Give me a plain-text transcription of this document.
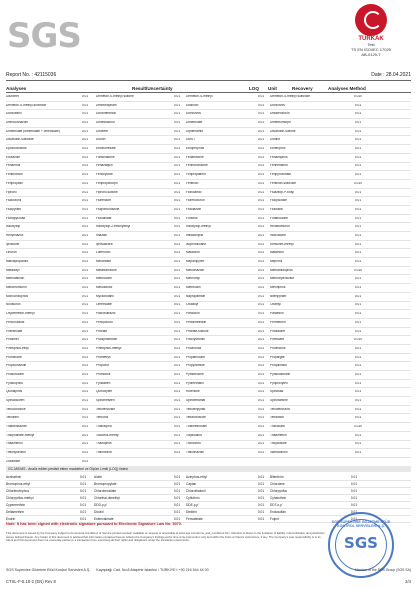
SGS	TÜRKAK
Test
TS EN ISO/IEC 17025
AB-0129-T
Report No. : 42115036	Date : 28.04.2021
Analyses	Result/Uncertainty	LOQ Unit	Recovery	Analyses Method
Dazomet	0.01	Demeton-S-methyl sulfone	0.01	Demeton-S-methyl	0.01	Demeton-S-methyl sulfoxide	0.010
Demeton-S-methyl-sulfoxide	0.01	Desmedipham	0.01	Diazinon	0.01	Dichlorvos	0.01
Dichlobenil	0.01	Dichlofenthion	0.01	Dichlorvos	0.01	Diflubenzuron	0.01
Difenoconazole	0.01	Dimethachlor	0.01	Dimethoate	0.01	Dimethomorph	0.01
Dimethoate (dimethoate + omethoate)	0.01	Dinoterb	0.01	Diphenamid	0.01	Disulfoton-sulfone	0.01
Disulfoton-sulfoxide	0.01	Diuron	0.01	DMST	0.01	Dodine	0.01
Epoxiconazole	0.01	Ethofumesate	0.01	Ethoprophos	0.01	Etofenprox	0.01
Etoxazole	0.01	Famoxadone	0.01	Fenamidone	0.01	Fenamiphos	0.01
Fenarimol	0.01	Fenazaquin	0.01	Fenbuconazole	0.01	Fenhexamid	0.01
Fenitrothion	0.01	Fenoxycarb	0.01	Fenpropathrin	0.01	Fenpyroximate	0.01
Fenpropidin	0.01	Fenpropimorph	0.01	Fenthion	0.01	Fenthion-sulfoxide	0.010
Fipronil	0.01	Fipronil-sulfone	0.01	Flonicamid	0.01	Fluazifop-P-butyl	0.01
Fludioxonil	0.01	Flufenacet	0.01	Flufenoxuron	0.01	Fluopicolide	0.01
Fluopyram	0.01	Fluquinconazole	0.01	Flusilazole	0.01	Flutolanil	0.01
Fluxapyroxad	0.01	Fluvalinate	0.01	Fonofos	0.01	Furathiocarb	0.01
Haloxyfop	0.01	Haloxyfop-2-ethoxyethyl	0.01	Haloxyfop-methyl	0.01	Hexaflumuron	0.01
Hexythiazox	0.01	Imazalil	0.01	Imidacloprid	0.01	Indoxacarb	0.01
Iprodione	0.01	Iprovalicarb	0.01	Isoprothiolane	0.01	Kresoxim-methyl	0.01
Linuron	0.01	Lufenuron	0.01	Malaoxon	0.01	Malathion	0.01
Mandipropamid	0.01	Mecarbam	0.01	Mepanipyrim	0.01	Mepronil	0.01
Metalaxyl	0.01	Metaflumizone	0.01	Metconazole	0.01	Methamidophos	0.010
Methidathion	0.01	Methiocarb	0.01	Methomyl	0.01	Methoxyfenozide	0.01
Metobromuron	0.01	Metolachlor	0.01	Metribuzin	0.01	Mevinphos	0.01
Monocrotophos	0.01	Myclobutanil	0.01	Napropamide	0.01	Nitenpyram	0.01
Novaluron	0.01	Omethoate	0.01	Oxadixyl	0.01	Oxamyl	0.01
Oxydemeton-methyl	0.01	Paclobutrazol	0.01	Paraoxon	0.01	Parathion	0.01
Penconazole	0.01	Pencycuron	0.01	Pendimethalin	0.01	Permethrin	0.01
Phenthoate	0.01	Phorate	0.01	Phorate-sulfone	0.01	Phosalone	0.01
Phosmet	0.01	Phosphamidon	0.01	Picoxystrobin	0.01	Pirimicarb	0.010
Pirimiphos-ethyl	0.01	Pirimiphos-methyl	0.01	Prochloraz	0.01	Profenofos	0.01
Promecarb	0.01	Prometryn	0.01	Propamocarb	0.01	Propargite	0.01
Propiconazole	0.01	Propoxur	0.01	Propyzamide	0.01	Proquinazid	0.01
Prosulfocarb	0.01	Prothiofos	0.01	Pymetrozine	0.01	Pyraclostrobin	0.01
Pyrazophos	0.01	Pyridaben	0.01	Pyrimethanil	0.01	Pyriproxyfen	0.01
Quinalphos	0.01	Quinoxyfen	0.01	Rotenone	0.01	Spinosad	0.01
Spirodiclofen	0.01	Spiromesifen	0.01	Spirotetramat	0.01	Spiroxamine	0.01
Tebuconazole	0.01	Tebufenozide	0.01	Tebufenpyrad	0.01	Teflubenzuron	0.01
Tefluthrin	0.01	Terbufos	0.01	Tetraconazole	0.01	Tetradifon	0.01
Thiabendazole	0.01	Thiacloprid	0.01	Thiamethoxam	0.01	Thiodicarb	0.010
Thiophanate-methyl	0.01	Tolclofos-methyl	0.01	Tolylfluanid	0.01	Triadimefon	0.01
Triadimenol	0.01	Triazophos	0.01	Trichlorfon	0.01	Tricyclazole	0.01
Trifloxystrobin	0.01	Triflumuron	0.01	Triticonazole	0.01	Vamidothion	0.01
Zoxamide	0.01
GC-MS/MS - Analiz edilen pestisit etken maddeleri ve Ölçüm Limiti (LOQ) listesi
Acrinathrin	0.01	Aldrin	0.01	Azinphos-ethyl	0.01	Bifenthrin	0.01
Bromophos-ethyl	0.01	Bromopropylate	0.01	Captan	0.01	Chlordane	0.01
Chlorfenvinphos	0.01	Chlorobenzilate	0.01	Chlorothalonil	0.01	Chlorpyrifos	0.01
Chlorpyrifos-methyl	0.01	Chlorthal-dimethyl	0.01	Cyfluthrin	0.01	Cyhalothrin	0.01
Cypermethrin	0.01	DDD-p,p'	0.01	DDE-p,p'	0.01	DDT-o,p'	0.01
Deltamethrin	0.01	Dicofol	0.01	Dieldrin	0.01	Endosulfan	0.01
Endrin	0.01	Esfenvalerate	0.01	Fenvalerate	0.01	Folpet	0.01
Note: It has been signed with electronic signature pursuant to Electronic Signature Law No: 5070.
This document is issued by the Company subject to its General Conditions of Service printed overleaf, available on request or accessible at www.sgs.com/terms_and_conditions.htm. Attention is drawn to the limitation of liability, indemnification and jurisdiction issues defined therein. Any holder of this document is advised that information contained hereon reflects the Company's findings at the time of its intervention only and within the limits of Client's instructions, if any. The Company's sole responsibility is to its Client and this document does not exonerate parties to a transaction from exercising all their rights and obligations under the transaction documents.
SGS SUPERVISE GÖZETME ETÜD KONTROL SERVİSLERİ A.Ş.
SGS
SGS Supervise Gözetme Etüd Kontrol Servisleri A.Ş. Kayışdağı Cad. No:8 Ataşehir İstanbul / TÜRKİYE t +90 216 544 44 00	Member of the SGS Group (SGS SA)
CTSL-F-5.10-2 (EN) Rev 8	2/4
